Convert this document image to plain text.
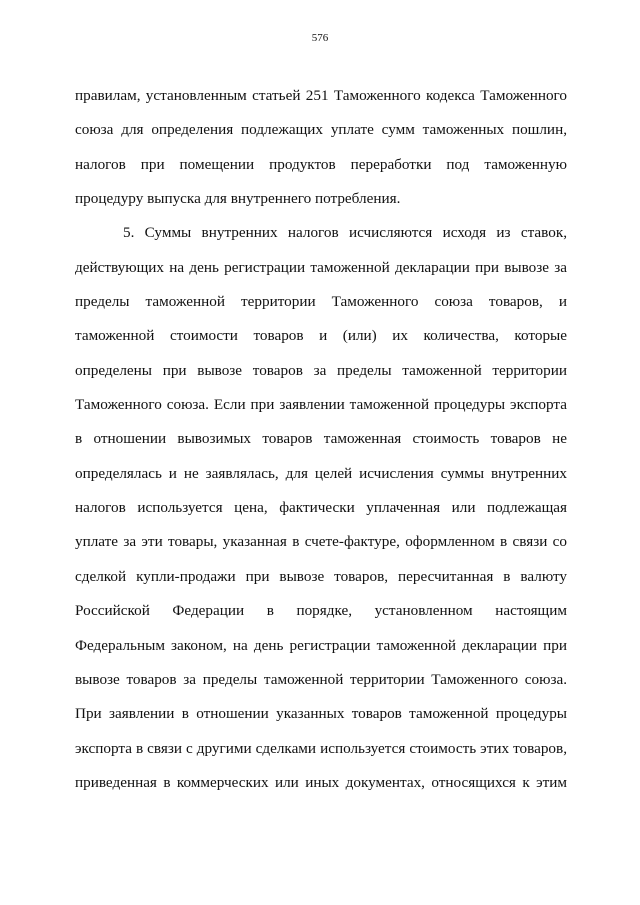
576
правилам, установленным статьей 251 Таможенного кодекса Таможенного
союза для определения подлежащих уплате сумм таможенных пошлин,
налогов при помещении продуктов переработки под таможенную
процедуру выпуска для внутреннего потребления.
5. Суммы внутренних налогов исчисляются исходя из ставок,
действующих на день регистрации таможенной декларации при вывозе за
пределы таможенной территории Таможенного союза товаров, и
таможенной стоимости товаров и (или) их количества, которые
определены при вывозе товаров за пределы таможенной территории
Таможенного союза. Если при заявлении таможенной процедуры экспорта
в отношении вывозимых товаров таможенная стоимость товаров не
определялась и не заявлялась, для целей исчисления суммы внутренних
налогов используется цена, фактически уплаченная или подлежащая
уплате за эти товары, указанная в счете-фактуре, оформленном в связи со
сделкой купли-продажи при вывозе товаров, пересчитанная в валюту
Российской Федерации в порядке, установленном настоящим
Федеральным законом, на день регистрации таможенной декларации при
вывозе товаров за пределы таможенной территории Таможенного союза.
При заявлении в отношении указанных товаров таможенной процедуры
экспорта в связи с другими сделками используется стоимость этих товаров,
приведенная в коммерческих или иных документах, относящихся к этим
